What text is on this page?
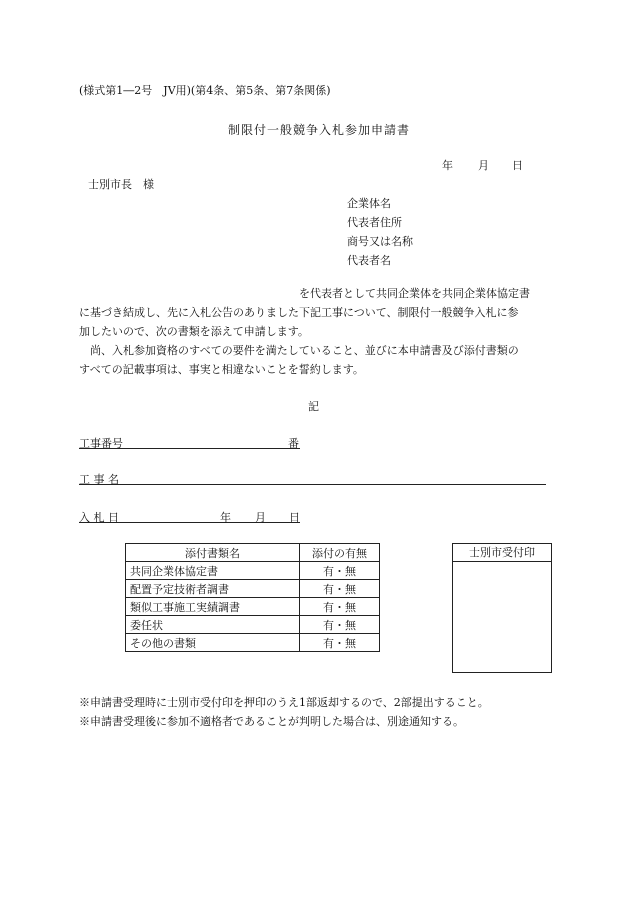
(様式第1―2号　JV用)(第4条、第5条、第7条関係)
制限付一般競争入札参加申請書
年 月 日
士別市長　様
企業体名
代表者住所
商号又は名称
代表者名

を代表者として共同企業体を共同企業体協定書

に基づき結成し、先に入札公告のありました下記工事について、制限付一般競争入札に参

加したいので、次の書類を添えて申請します。

　尚、入札参加資格のすべての要件を満たしていること、並びに本申請書及び添付書類の

すべての記載事項は、事実と相違ないことを誓約します。

記
工事番号	番
工 事 名
入 札 日	年 月 日
添付書類名	添付の有無
共同企業体協定書	有・無
配置予定技術者調書	有・無
類似工事施工実績調書	有・無
委任状	有・無
その他の書類	有・無
士別市受付印
※申請書受理時に士別市受付印を押印のうえ1部返却するので、2部提出すること。
※申請書受理後に参加不適格者であることが判明した場合は、別途通知する。
